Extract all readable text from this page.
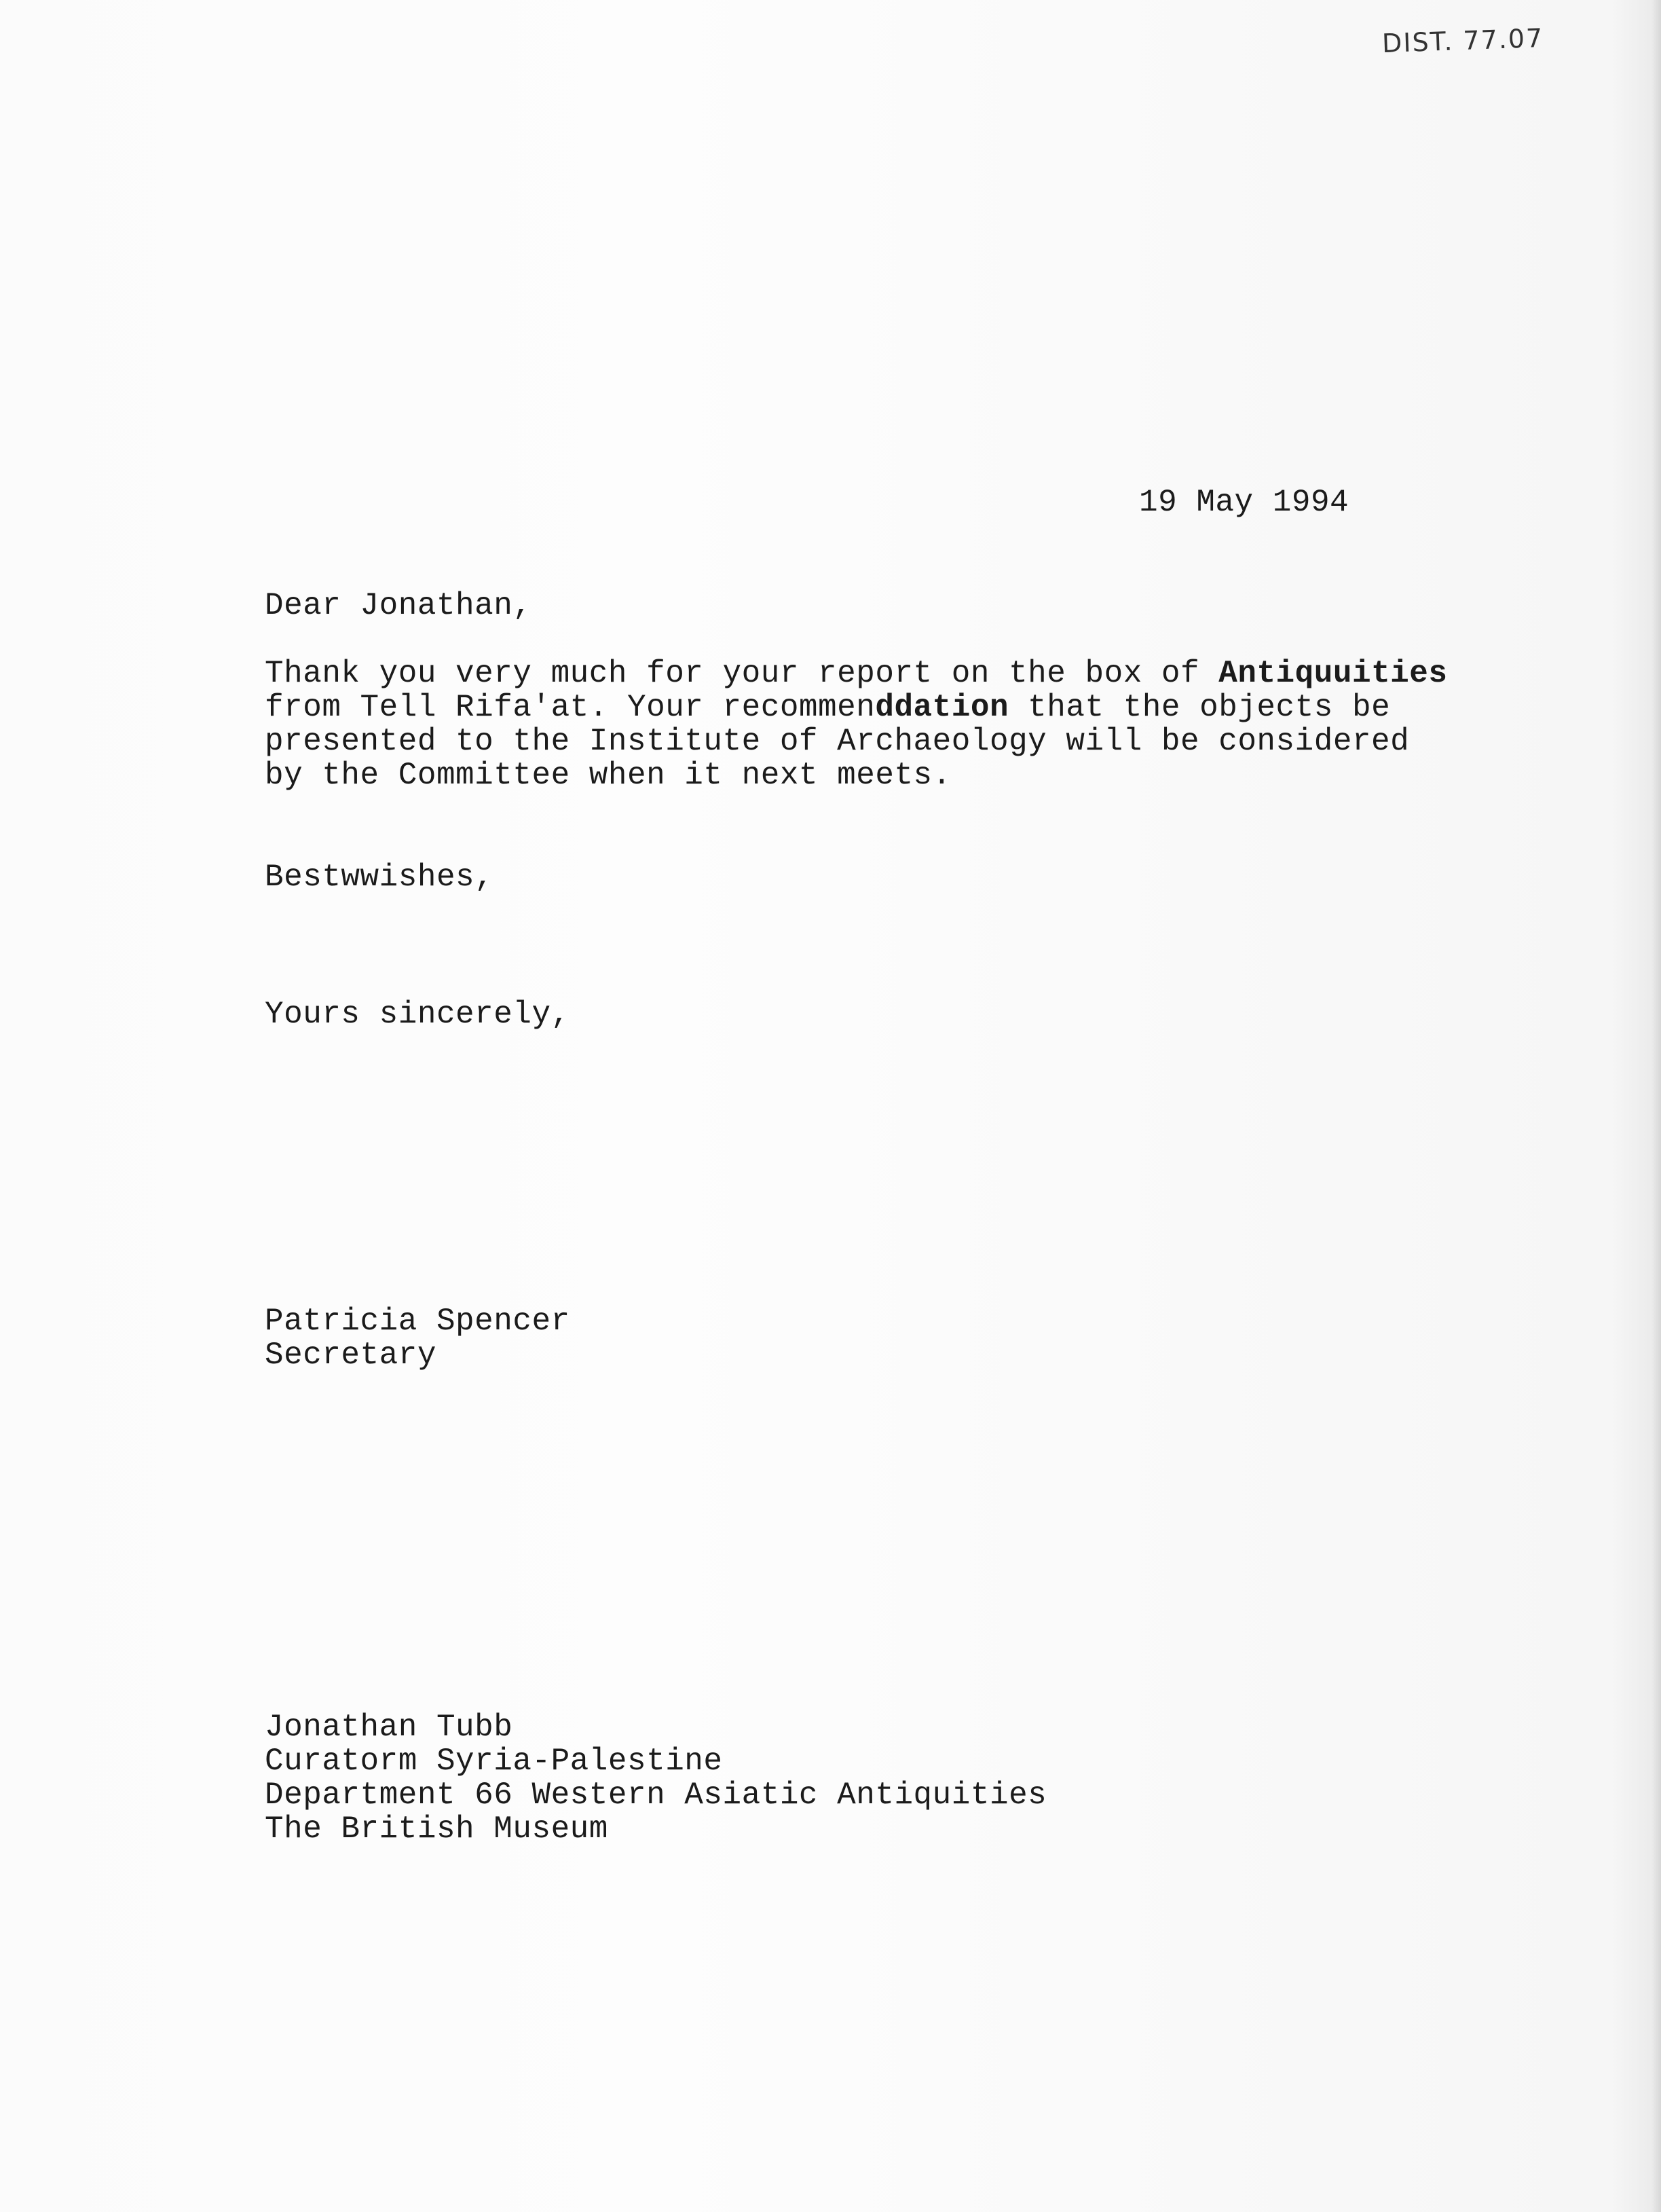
DIST. 77.07
19 May 1994
Dear Jonathan,
Thank you very much for your report on the box of Antiquuities
from Tell Rifa'at. Your recommenddation that the objects be
presented to the Institute of Archaeology will be considered
by the Committee when it next meets.
Bestwwishes,
Yours sincerely,
Patricia Spencer
Secretary
Jonathan Tubb
Curatorm Syria-Palestine
Department 66 Western Asiatic Antiquities
The British Museum
